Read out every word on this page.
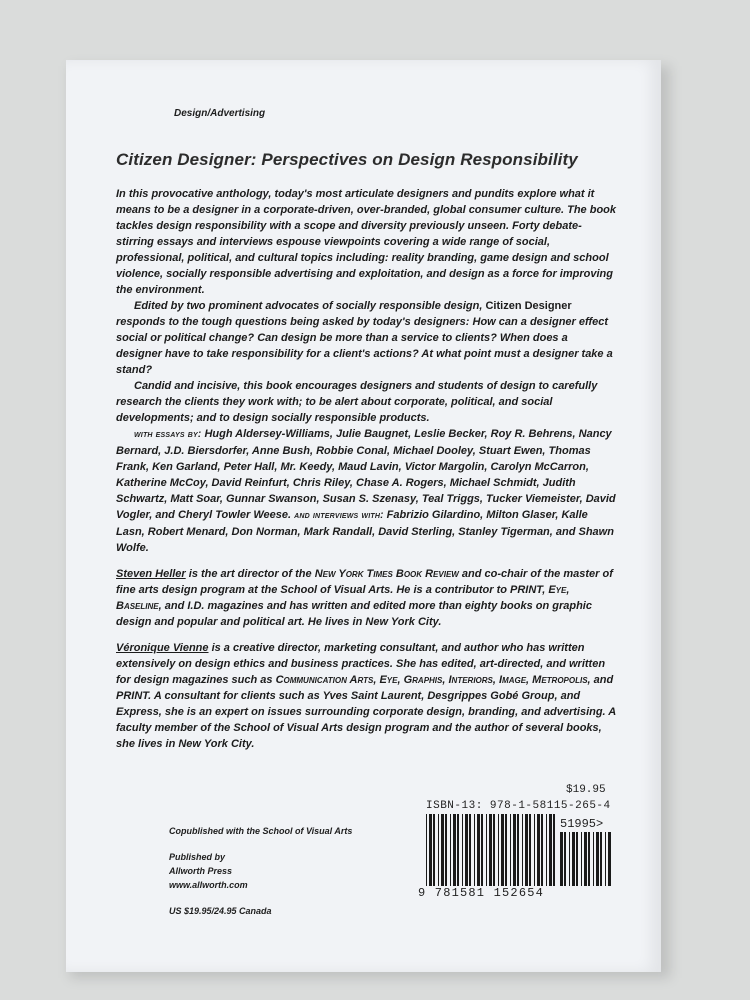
Design/Advertising
Citizen Designer: Perspectives on Design Responsibility

In this provocative anthology, today's most articulate designers and pundits explore what it means to be a designer in a corporate-driven, over-branded, global consumer culture. The book tackles design responsibility with a scope and diversity previously unseen. Forty debate-stirring essays and interviews espouse viewpoints covering a wide range of social, professional, political, and cultural topics including: reality branding, game design and school violence, socially responsible advertising and exploitation, and design as a force for improving the environment.

Edited by two prominent advocates of socially responsible design, Citizen Designer responds to the tough questions being asked by today's designers: How can a designer effect social or political change? Can design be more than a service to clients? When does a designer have to take responsibility for a client's actions? At what point must a designer take a stand?

Candid and incisive, this book encourages designers and students of design to carefully research the clients they work with; to be alert about corporate, political, and social developments; and to design socially responsible products.

with essays by: Hugh Aldersey-Williams, Julie Baugnet, Leslie Becker, Roy R. Behrens, Nancy Bernard, J.D. Biersdorfer, Anne Bush, Robbie Conal, Michael Dooley, Stuart Ewen, Thomas Frank, Ken Garland, Peter Hall, Mr. Keedy, Maud Lavin, Victor Margolin, Carolyn McCarron, Katherine McCoy, David Reinfurt, Chris Riley, Chase A. Rogers, Michael Schmidt, Judith Schwartz, Matt Soar, Gunnar Swanson, Susan S. Szenasy, Teal Triggs, Tucker Viemeister, David Vogler, and Cheryl Towler Weese. and interviews with: Fabrizio Gilardino, Milton Glaser, Kalle Lasn, Robert Menard, Don Norman, Mark Randall, David Sterling, Stanley Tigerman, and Shawn Wolfe.

Steven Heller is the art director of the New York Times Book Review and co-chair of the master of fine arts design program at the School of Visual Arts. He is a contributor to PRINT, Eye, Baseline, and I.D. magazines and has written and edited more than eighty books on graphic design and popular and political art. He lives in New York City.

Véronique Vienne is a creative director, marketing consultant, and author who has written extensively on design ethics and business practices. She has edited, art-directed, and written for design magazines such as Communication Arts, Eye, Graphis, Interiors, Image, Metropolis, and PRINT. A consultant for clients such as Yves Saint Laurent, Desgrippes Gobé Group, and Express, she is an expert on issues surrounding corporate design, branding, and advertising. A faculty member of the School of Visual Arts design program and the author of several books, she lives in New York City.

Copublished with the School of Visual Arts
Published by
Allworth Press
www.allworth.com
US $19.95/24.95 Canada
$19.95
ISBN-13: 978-1-58115-265-4
51995>
9 781581 152654
